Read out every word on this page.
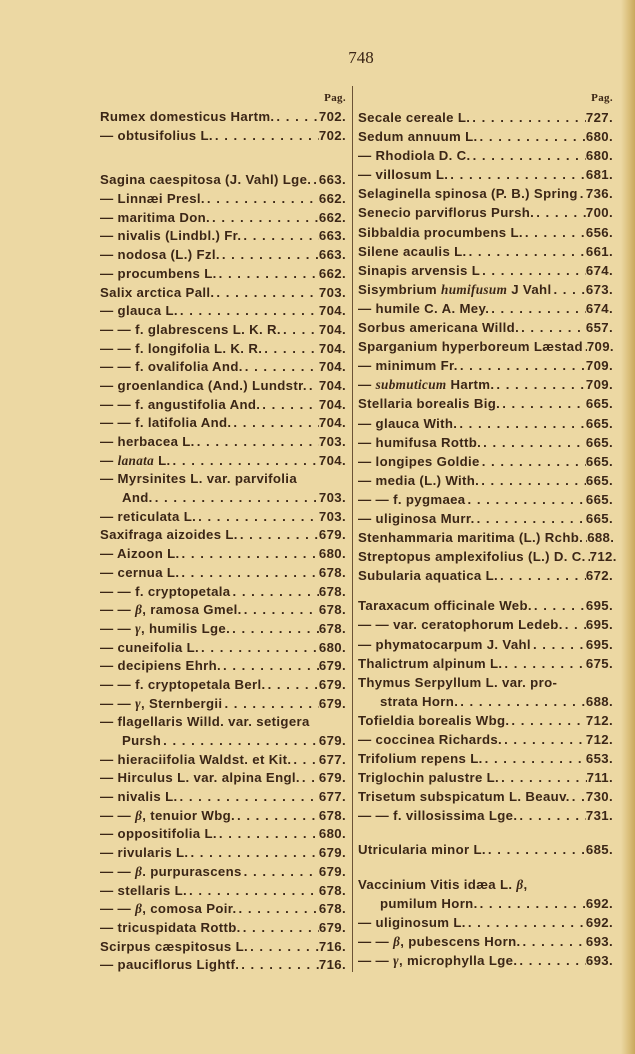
748
Pag.
Rumex domesticus Hartm. . . .	702.
— obtusifolius L. . . .	702.
Sagina caespitosa (J. Vahl) Lge. . . . 663.
— Linnæi Presl. . . .	662.
— maritima Don. . . .	662.
— nivalis (Lindbl.) Fr. . . .	663.
— nodosa (L.) Fzl. . . .	663.
— procumbens L. . . .	662.
Salix arctica Pall. . . .	703.
— glauca L. . . .	704.
— — f. glabrescens L. K. R. . . .	704.
— — f. longifolia L. K. R. . . .	704.
— — f. ovalifolia And. . . .	704.
— groenlandica (And.) Lundstr. . . . 704.
— — f. angustifolia And. . . .	704.
— — f. latifolia And. . . .	704.
— herbacea L. . . .	703.
— lanata L. . . .	704.
— Myrsinites L. var. parvifolia
And. . . .	703.
— reticulata L. . . .	703.
Saxifraga aizoides L. . . .	679.
— Aizoon L. . . .	680.
— cernua L. . . .	678.
— — f. cryptopetala . . .	678.
— — β, ramosa Gmel. . . .	678.
— — γ, humilis Lge. . . .	678.
— cuneifolia L. . . .	680.
— decipiens Ehrh. . . .	679.
— — f. cryptopetala Berl. . . .	679.
— — γ, Sternbergii . . .	679.
— flagellaris Willd. var. setigera
Pursh . . .	679.
— hieraciifolia Waldst. et Kit. . . . 677.
— Hirculus L. var. alpina Engl. . . . 679.
— nivalis L. . . .	677.
— — β, tenuior Wbg. . . .	678.
— oppositifolia L. . . .	680.
— rivularis L. . . .	679.
— — β. purpurascens . . .	679.
— stellaris L. . . .	678.
— — β, comosa Poir. . . .	678.
— tricuspidata Rottb. . . .	679.
Scirpus cæspitosus L. . . .	716.
— pauciflorus Lightf. . . .	716.
Pag.
Secale cereale L. . . .	727.
Sedum annuum L. . . .	680.
— Rhodiola D. C. . . .	680.
— villosum L. . . .	681.
Selaginella spinosa (P. B.) Spring . . . 736.
Senecio parviflorus Pursh. . . .	700.
Sibbaldia procumbens L. . . .	656.
Silene acaulis L. . . .	661.
Sinapis arvensis L . . .	674.
Sisymbrium humifusum J Vahl . . .	673.
— humile C. A. Mey. . . .	674.
Sorbus americana Willd. . . .	657.
Sparganium hyperboreum Læstad . . . 709.
— minimum Fr. . . .	709.
— submuticum Hartm. . . .	709.
Stellaria borealis Big. . . .	665.
— glauca With. . . .	665.
— humifusa Rottb. . . .	665.
— longipes Goldie . . .	665.
— media (L.) With. . . .	665.
— — f. pygmaea . . .	665.
— uliginosa Murr. . . .	665.
Stenhammaria maritima (L.) Rchb. . . . 688.
Streptopus amplexifolius (L.) D. C. . . . 712.
Subularia aquatica L. . . .	672.
Taraxacum officinale Web. . . .	695.
— — var. ceratophorum Ledeb. . . . 695.
— phymatocarpum J. Vahl . . .	695.
Thalictrum alpinum L. . . .	675.
Thymus Serpyllum L. var. pro-
strata Horn. . . .	688.
Tofieldia borealis Wbg. . . .	712.
— coccinea Richards. . . .	712.
Trifolium repens L. . . .	653.
Triglochin palustre L. . . .	711.
Trisetum subspicatum L. Beauv. . . . 730.
— — f. villosissima Lge. . . .	731.
Utricularia minor L. . . .	685.
Vaccinium Vitis idæa L. β,
pumilum Horn. . . .	692.
— uliginosum L. . . .	692.
— — β, pubescens Horn. . . .	693.
— — γ, microphylla Lge. . . .	693.
